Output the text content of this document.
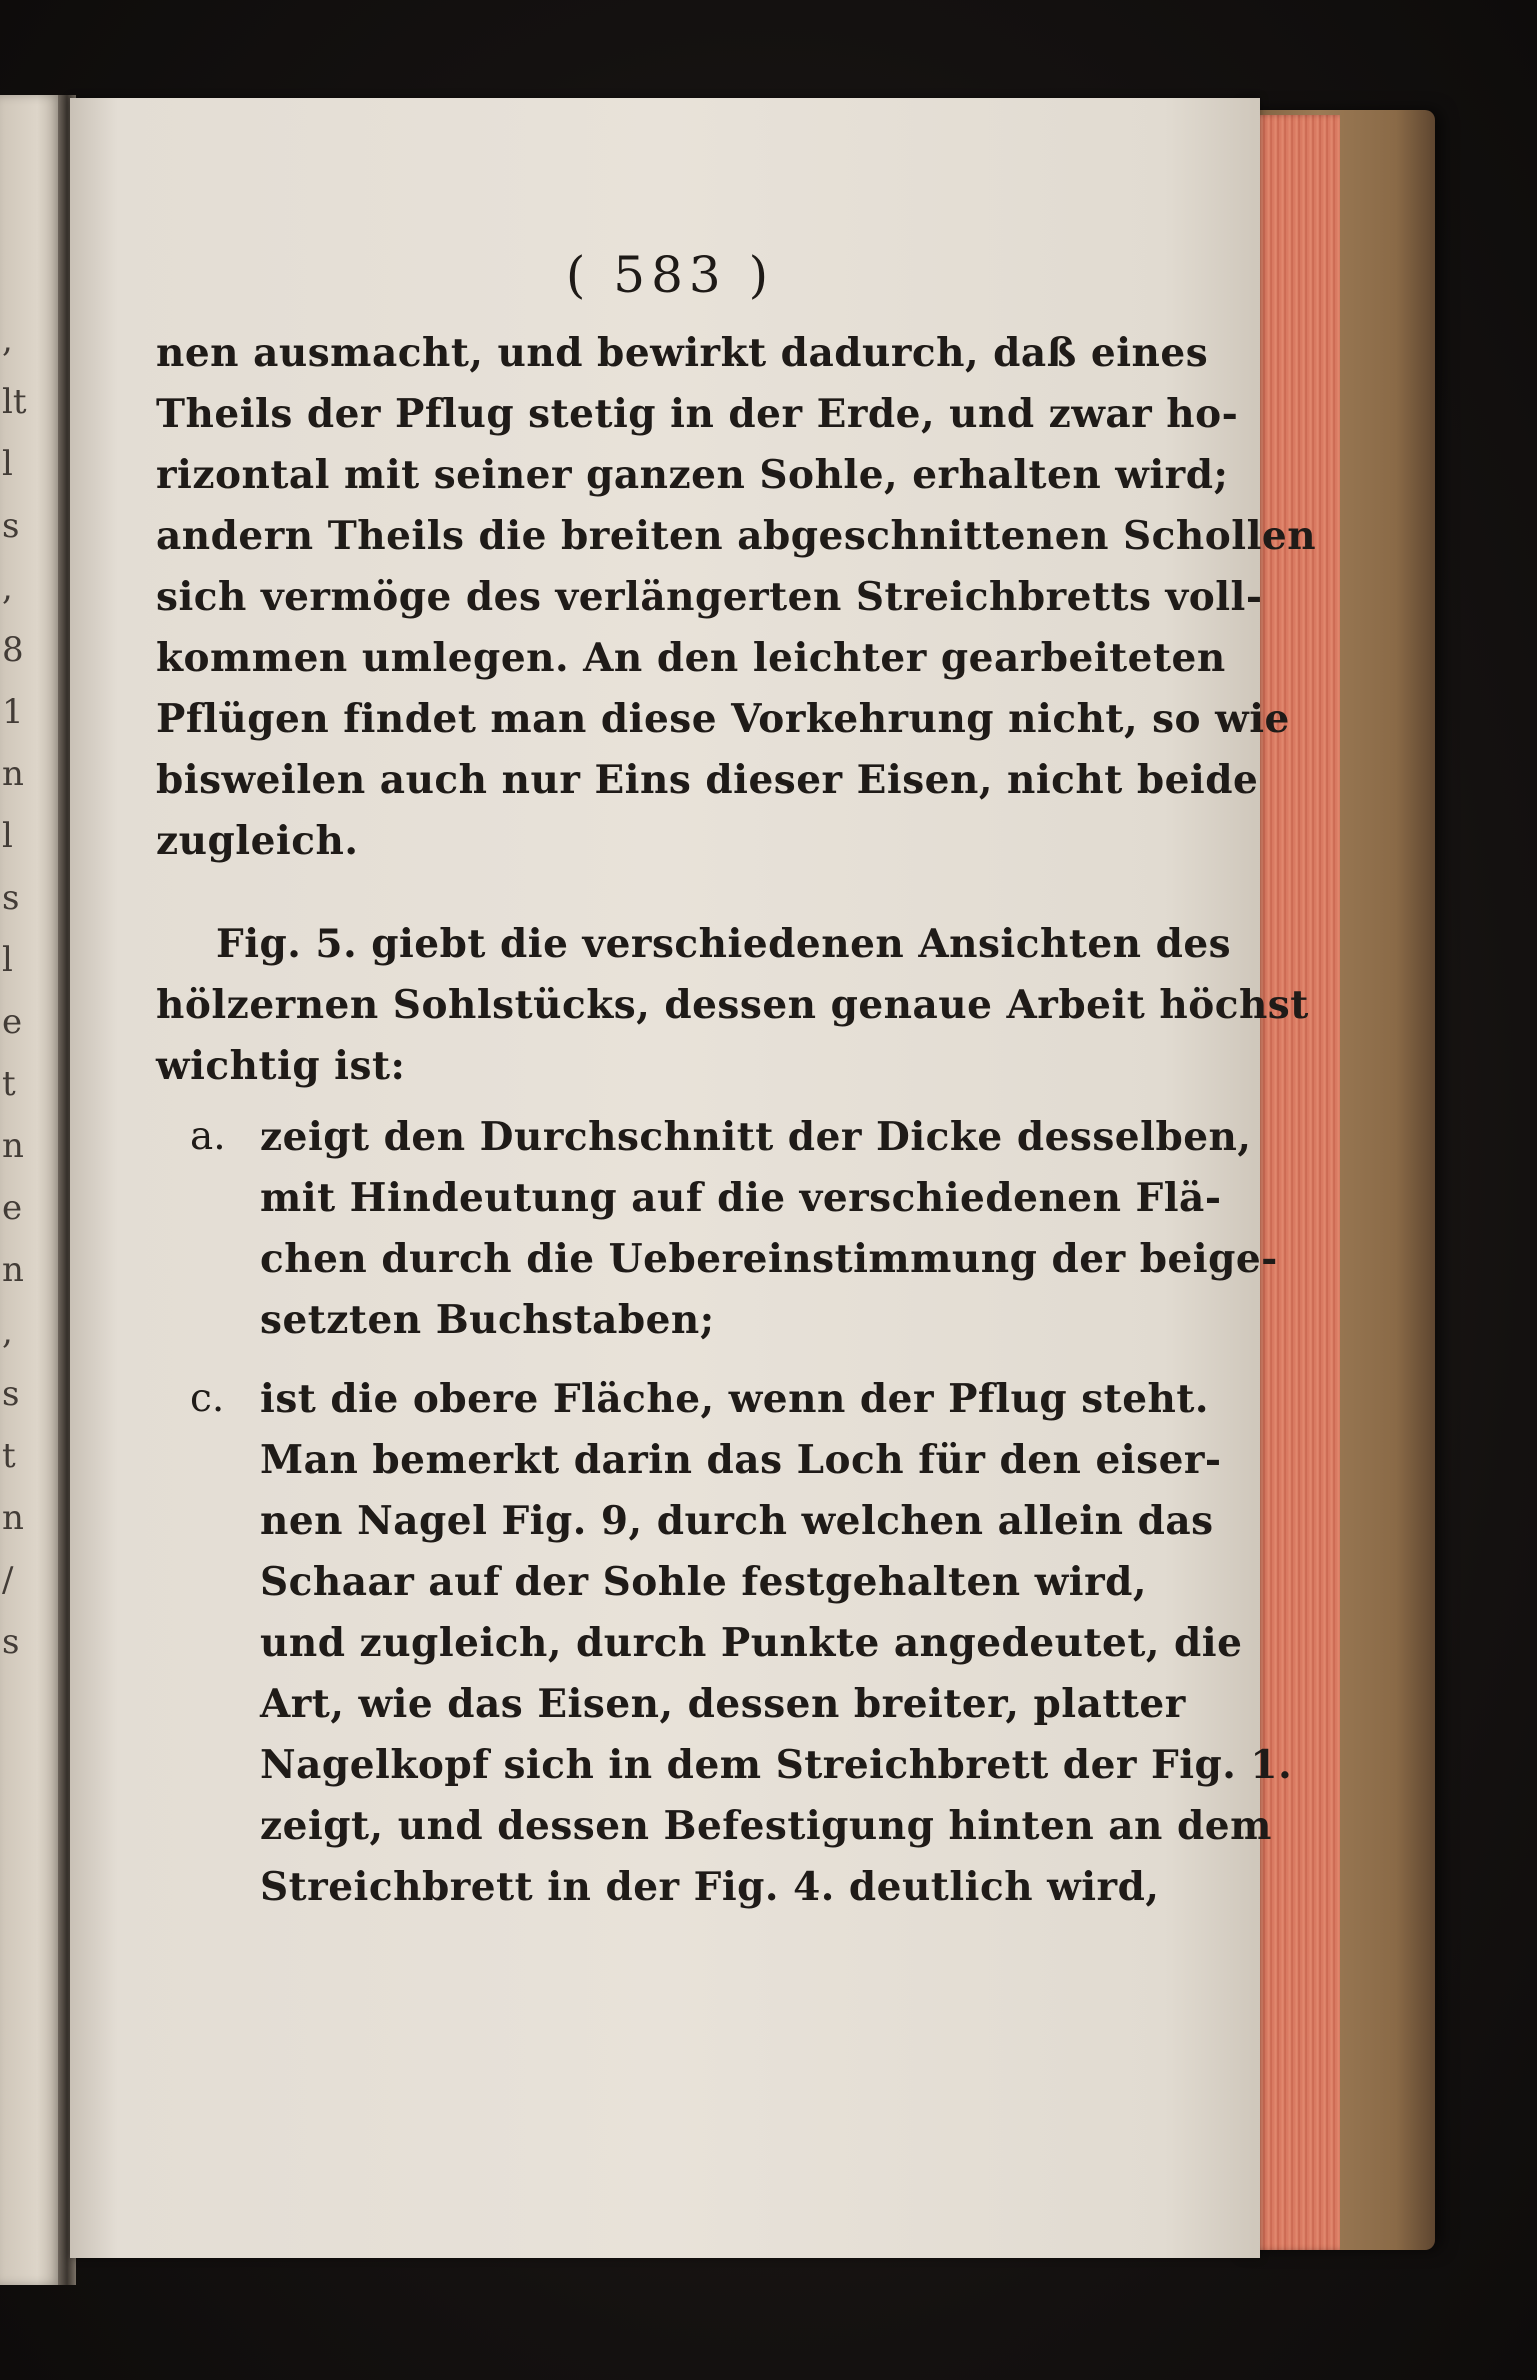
,
lt
l
s
,
8
1
n
l
s
l
e
t
n
e
n
,
s
t
n
/
s
( 583 )
nen ausmacht, und bewirkt dadurch, daß eines
Theils der Pflug stetig in der Erde, und zwar ho-
rizontal mit seiner ganzen Sohle, erhalten wird;
andern Theils die breiten abgeschnittenen Schollen
sich vermöge des verlängerten Streichbretts voll-
kommen umlegen. An den leichter gearbeiteten
Pflügen findet man diese Vorkehrung nicht, so wie
bisweilen auch nur Eins dieser Eisen, nicht beide
zugleich.
Fig. 5. giebt die verschiedenen Ansichten des
hölzernen Sohlstücks, dessen genaue Arbeit höchst
wichtig ist:
a. zeigt den Durchschnitt der Dicke desselben,
mit Hindeutung auf die verschiedenen Flä-
chen durch die Uebereinstimmung der beige-
setzten Buchstaben;
c. ist die obere Fläche, wenn der Pflug steht.
Man bemerkt darin das Loch für den eiser-
nen Nagel Fig. 9, durch welchen allein das
Schaar auf der Sohle festgehalten wird,
und zugleich, durch Punkte angedeutet, die
Art, wie das Eisen, dessen breiter, platter
Nagelkopf sich in dem Streichbrett der Fig. 1.
zeigt, und dessen Befestigung hinten an dem
Streichbrett in der Fig. 4. deutlich wird,
